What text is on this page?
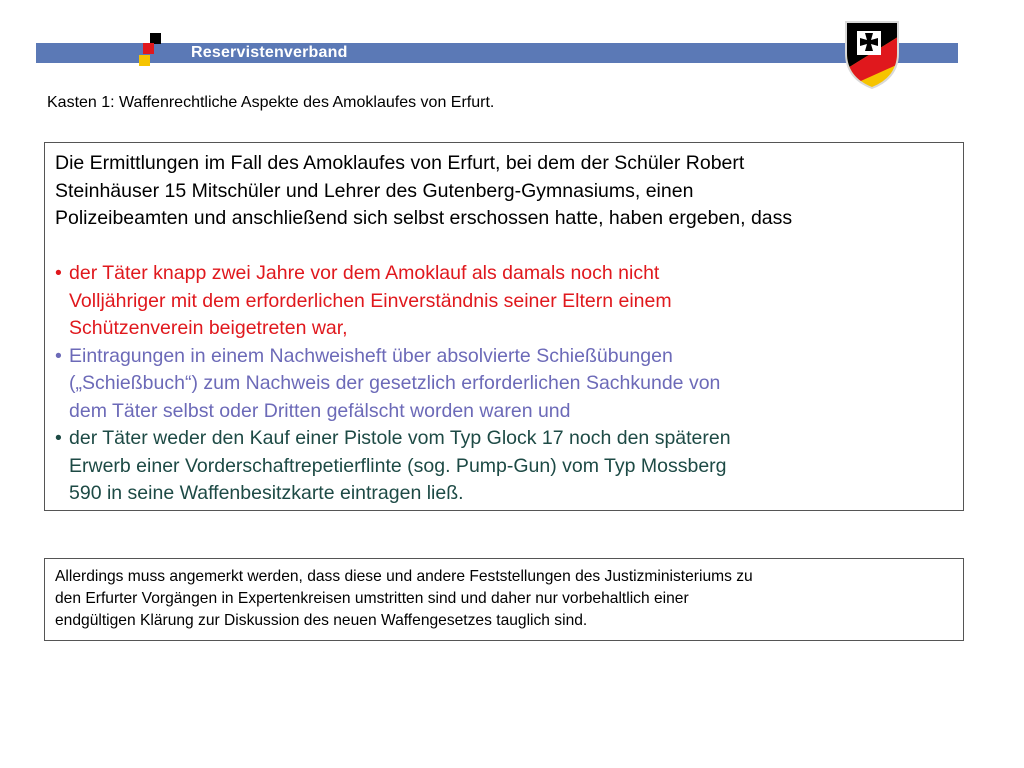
Reservistenverband
Kasten 1: Waffenrechtliche Aspekte des Amoklaufes von Erfurt.
Die Ermittlungen im Fall des Amoklaufes von Erfurt, bei dem der Schüler Robert
Steinhäuser 15 Mitschüler und Lehrer des Gutenberg-Gymnasiums, einen
Polizeibeamten und anschließend sich selbst erschossen hatte, haben ergeben, dass
• der Täter knapp zwei Jahre vor dem Amoklauf als damals noch nicht
Volljähriger mit dem erforderlichen Einverständnis seiner Eltern einem
Schützenverein beigetreten war,
• Eintragungen in einem Nachweisheft über absolvierte Schießübungen
(„Schießbuch“) zum Nachweis der gesetzlich erforderlichen Sachkunde von
dem Täter selbst oder Dritten gefälscht worden waren und
• der Täter weder den Kauf einer Pistole vom Typ Glock 17 noch den späteren
Erwerb einer Vorderschaftrepetierflinte (sog. Pump-Gun) vom Typ Mossberg
590 in seine Waffenbesitzkarte eintragen ließ.
Allerdings muss angemerkt werden, dass diese und andere Feststellungen des Justizministeriums zu
den Erfurter Vorgängen in Expertenkreisen umstritten sind und daher nur vorbehaltlich einer
endgültigen Klärung zur Diskussion des neuen Waffengesetzes tauglich sind.
